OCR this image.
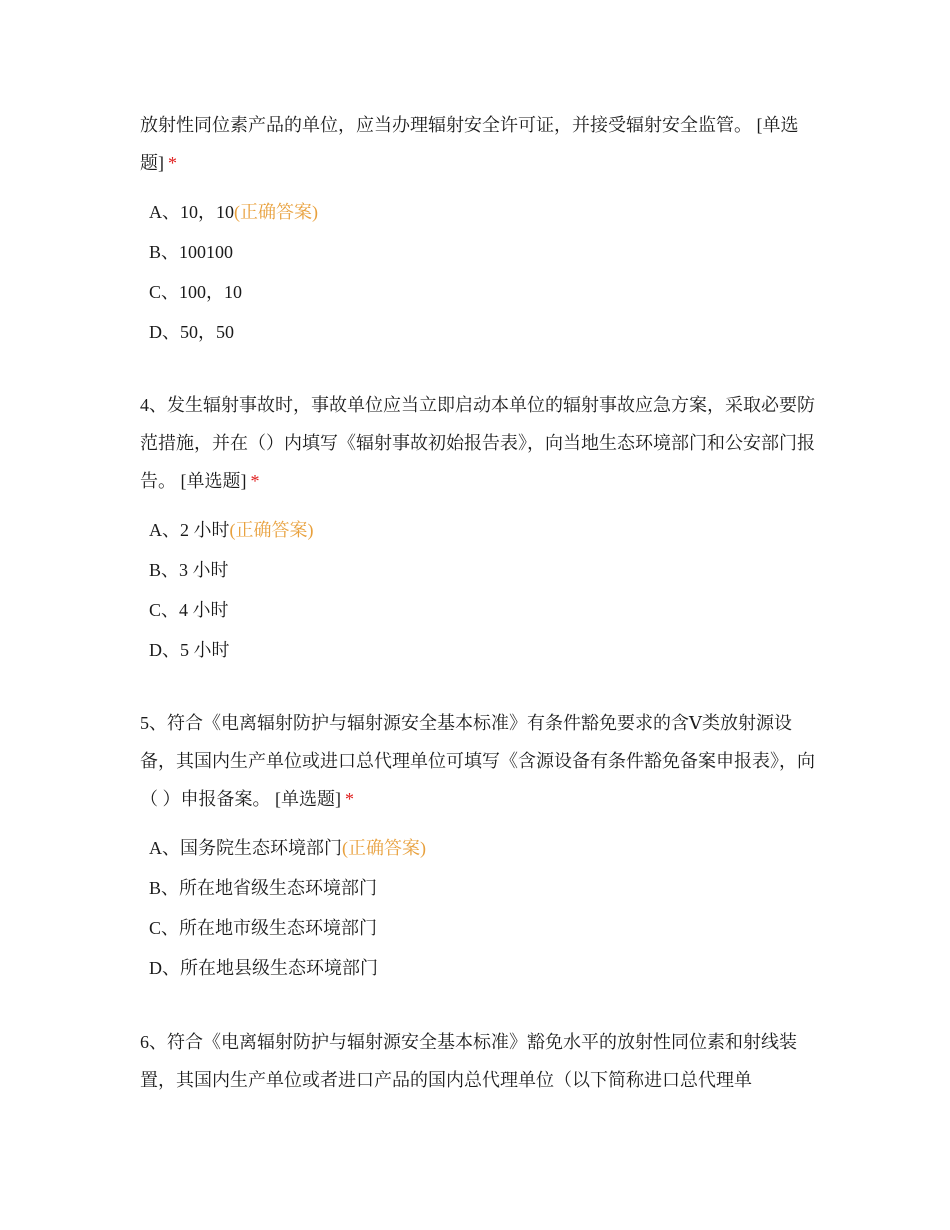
放射性同位素产品的单位，应当办理辐射安全许可证，并接受辐射安全监管。 [单选题] *

A、10，10(正确答案)
B、100100
C、100，10
D、50，50

4、发生辐射事故时，事故单位应当立即启动本单位的辐射事故应急方案，采取必要防范措施，并在（）内填写《辐射事故初始报告表》，向当地生态环境部门和公安部门报告。 [单选题] *

A、2 小时(正确答案)
B、3 小时
C、4 小时
D、5 小时

5、符合《电离辐射防护与辐射源安全基本标准》有条件豁免要求的含Ⅴ类放射源设备，其国内生产单位或进口总代理单位可填写《含源设备有条件豁免备案申报表》，向（ ）申报备案。 [单选题] *

A、国务院生态环境部门(正确答案)
B、所在地省级生态环境部门
C、所在地市级生态环境部门
D、所在地县级生态环境部门

6、符合《电离辐射防护与辐射源安全基本标准》豁免水平的放射性同位素和射线装置，其国内生产单位或者进口产品的国内总代理单位（以下简称进口总代理单
